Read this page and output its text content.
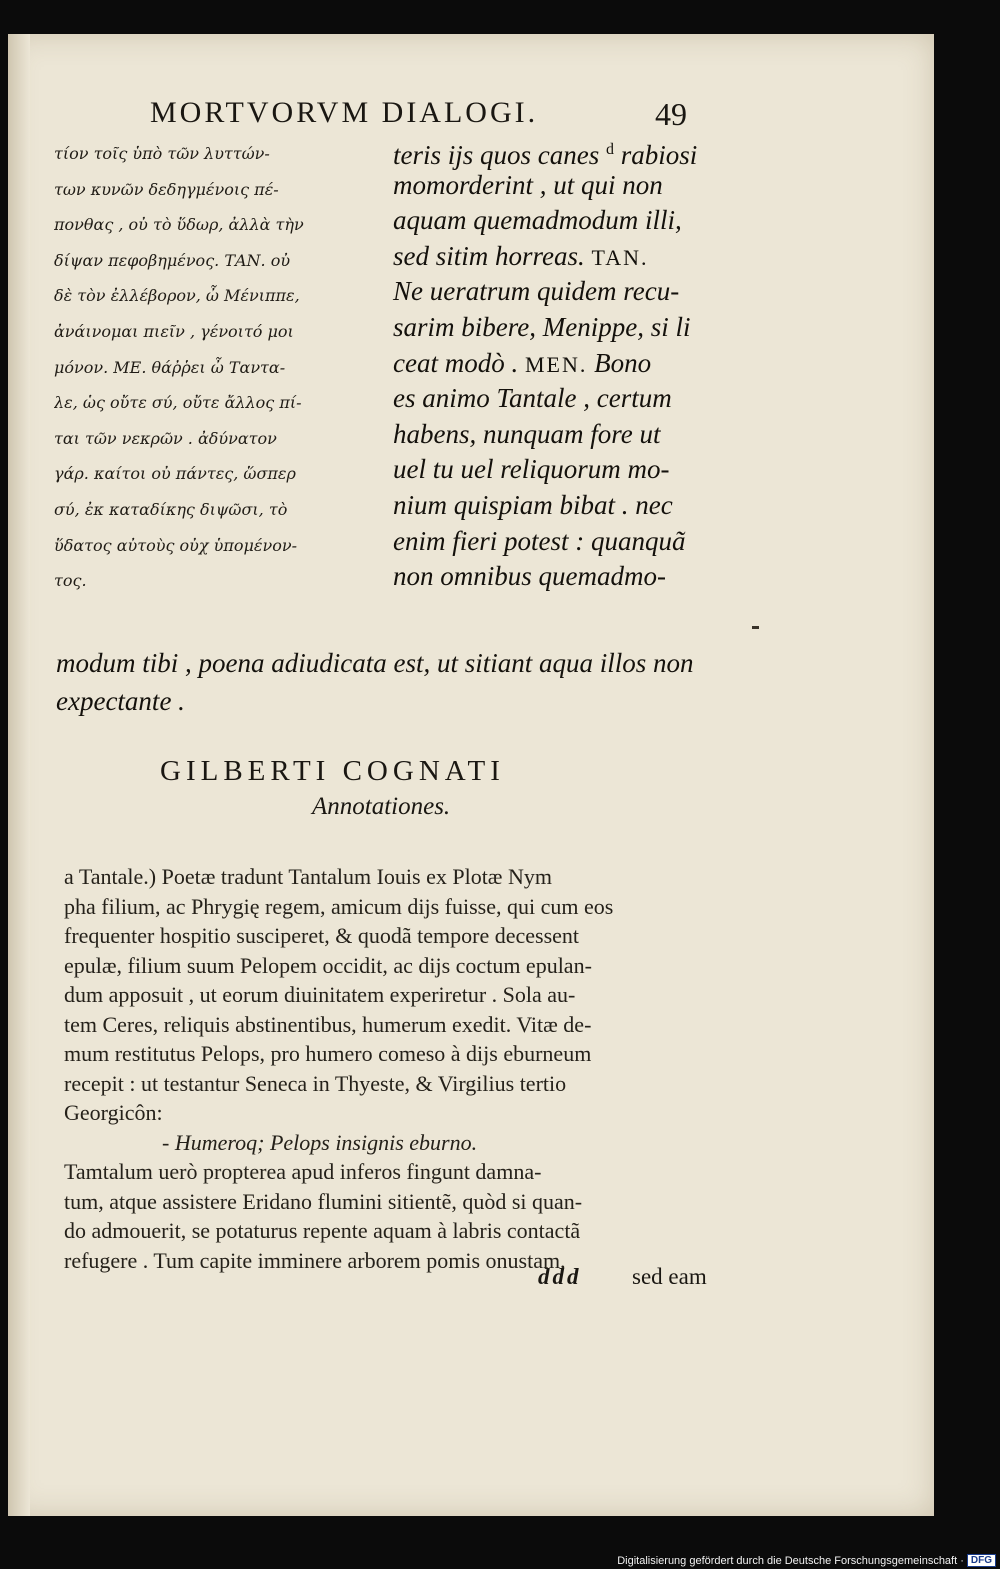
MORTVORVM DIALOGI.	49
τίον τοῖς ὑπὸ τῶν λυττών-
των κυνῶν δεδηγμένοις πέ-
πονθας , οὐ τὸ ὕδωρ, ἀλλὰ τὴν
δίψαν πεφοβημένος. ΤΑΝ. οὐ
δὲ τὸν ἐλλέβορον, ὦ Μένιππε,
ἀνάινομαι πιεῖν , γένοιτό μοι
μόνον. ΜΕ. θάῤῥει ὦ Ταντα-
λε, ὡς οὔτε σύ, οὔτε ἄλλος πί-
ται τῶν νεκρῶν . ἀδύνατον
γάρ. καίτοι οὐ πάντες, ὥσπερ
σύ, ἐκ καταδίκης διψῶσι, τὸ
ὕδατος αὐτοὺς οὐχ ὑπομένον-
τος.
teris ijs quos canes $^d$ rabiosi
momorderint , ut qui non
aquam quemadmodum illi,
sed sitim horreas. TAN.
Ne ueratrum quidem recu-
sarim bibere, Menippe, si li
ceat modò . MEN. Bono
es animo Tantale , certum
habens, nunquam fore ut
uel tu uel reliquorum mo-
nium quispiam bibat . nec
enim fieri potest : quanquã
non omnibus quemadmo-
modum tibi , poena adiudicata est, ut sitiant aqua illos non
expectante .
GILBERTI COGNATI
Annotationes.
a Tantale.) Poetæ tradunt Tantalum Iouis ex Plotæ Nym
pha filium, ac Phrygię regem, amicum dijs fuisse, qui cum eos
frequenter hospitio susciperet, & quodã tempore decessent
epulæ, filium suum Pelopem occidit, ac dijs coctum epulan-
dum apposuit , ut eorum diuinitatem experiretur . Sola au-
tem Ceres, reliquis abstinentibus, humerum exedit. Vitæ de-
mum restitutus Pelops, pro humero comeso à dijs eburneum
recepit : ut testantur Seneca in Thyeste, & Virgilius tertio
Georgicôn:
- Humeroq; Pelops insignis eburno.
Tamtalum uerò propterea apud inferos fingunt damna-
tum, atque assistere Eridano flumini sitientẽ, quòd si quan-
do admouerit, se potaturus repente aquam à labris contactã
refugere . Tum capite imminere arborem pomis onustam,
ddd sed eam
Digitalisierung gefördert durch die Deutsche Forschungsgemeinschaft · DFG
